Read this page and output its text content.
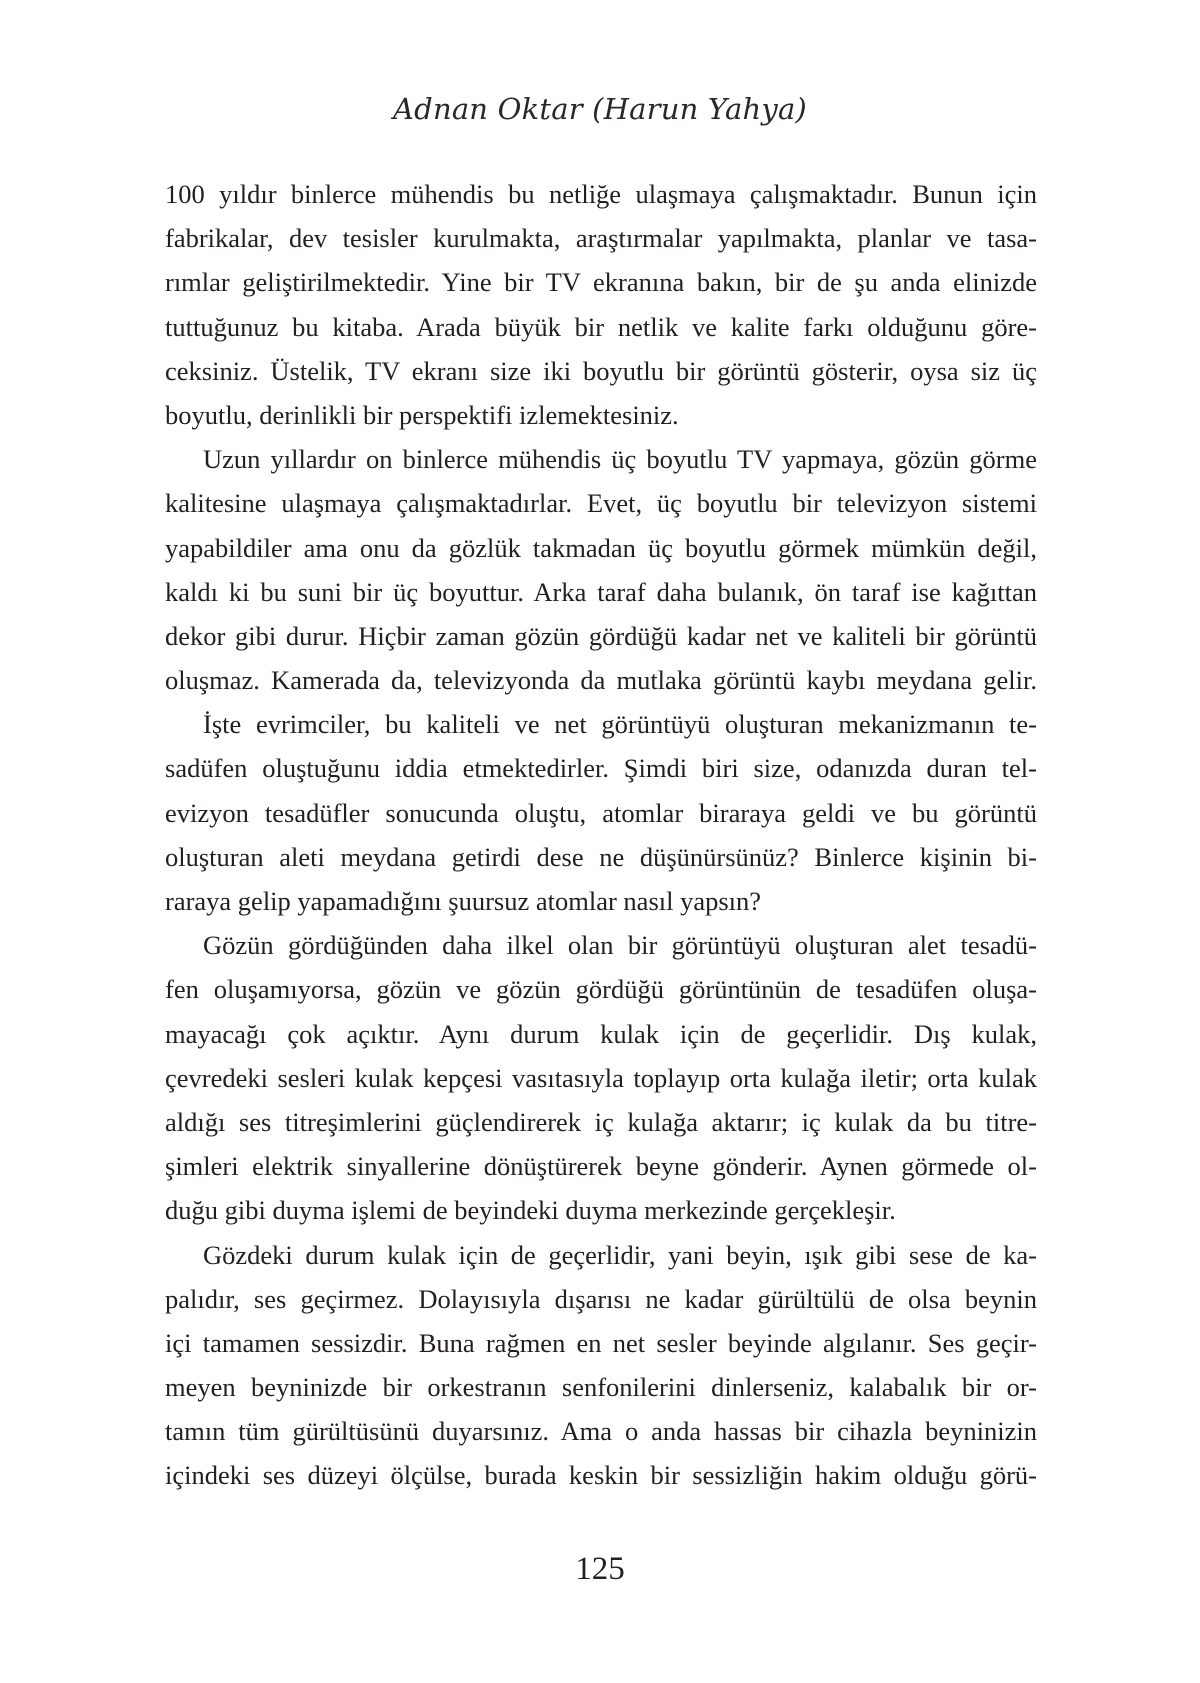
Adnan Oktar (Harun Yahya)
100 yıldır binlerce mühendis bu netliğe ulaşmaya çalışmaktadır. Bunun için
fabrikalar, dev tesisler kurulmakta, araştırmalar yapılmakta, planlar ve tasa-
rımlar geliştirilmektedir. Yine bir TV ekranına bakın, bir de şu anda elinizde
tuttuğunuz bu kitaba. Arada büyük bir netlik ve kalite farkı olduğunu göre-
ceksiniz. Üstelik, TV ekranı size iki boyutlu bir görüntü gösterir, oysa siz üç
boyutlu, derinlikli bir perspektifi izlemektesiniz.
Uzun yıllardır on binlerce mühendis üç boyutlu TV yapmaya, gözün görme
kalitesine ulaşmaya çalışmaktadırlar. Evet, üç boyutlu bir televizyon sistemi
yapabildiler ama onu da gözlük takmadan üç boyutlu görmek mümkün değil,
kaldı ki bu suni bir üç boyuttur. Arka taraf daha bulanık, ön taraf ise kağıttan
dekor gibi durur. Hiçbir zaman gözün gördüğü kadar net ve kaliteli bir görüntü
oluşmaz. Kamerada da, televizyonda da mutlaka görüntü kaybı meydana gelir.
İşte evrimciler, bu kaliteli ve net görüntüyü oluşturan mekanizmanın te-
sadüfen oluştuğunu iddia etmektedirler. Şimdi biri size, odanızda duran tel-
evizyon tesadüfler sonucunda oluştu, atomlar biraraya geldi ve bu görüntü
oluşturan aleti meydana getirdi dese ne düşünürsünüz? Binlerce kişinin bi-
raraya gelip yapamadığını şuursuz atomlar nasıl yapsın?
Gözün gördüğünden daha ilkel olan bir görüntüyü oluşturan alet tesadü-
fen oluşamıyorsa, gözün ve gözün gördüğü görüntünün de tesadüfen oluşa-
mayacağı çok açıktır. Aynı durum kulak için de geçerlidir. Dış kulak,
çevredeki sesleri kulak kepçesi vasıtasıyla toplayıp orta kulağa iletir; orta kulak
aldığı ses titreşimlerini güçlendirerek iç kulağa aktarır; iç kulak da bu titre-
şimleri elektrik sinyallerine dönüştürerek beyne gönderir. Aynen görmede ol-
duğu gibi duyma işlemi de beyindeki duyma merkezinde gerçekleşir.
Gözdeki durum kulak için de geçerlidir, yani beyin, ışık gibi sese de ka-
palıdır, ses geçirmez. Dolayısıyla dışarısı ne kadar gürültülü de olsa beynin
içi tamamen sessizdir. Buna rağmen en net sesler beyinde algılanır. Ses geçir-
meyen beyninizde bir orkestranın senfonilerini dinlerseniz, kalabalık bir or-
tamın tüm gürültüsünü duyarsınız. Ama o anda hassas bir cihazla beyninizin
içindeki ses düzeyi ölçülse, burada keskin bir sessizliğin hakim olduğu görü-
125
